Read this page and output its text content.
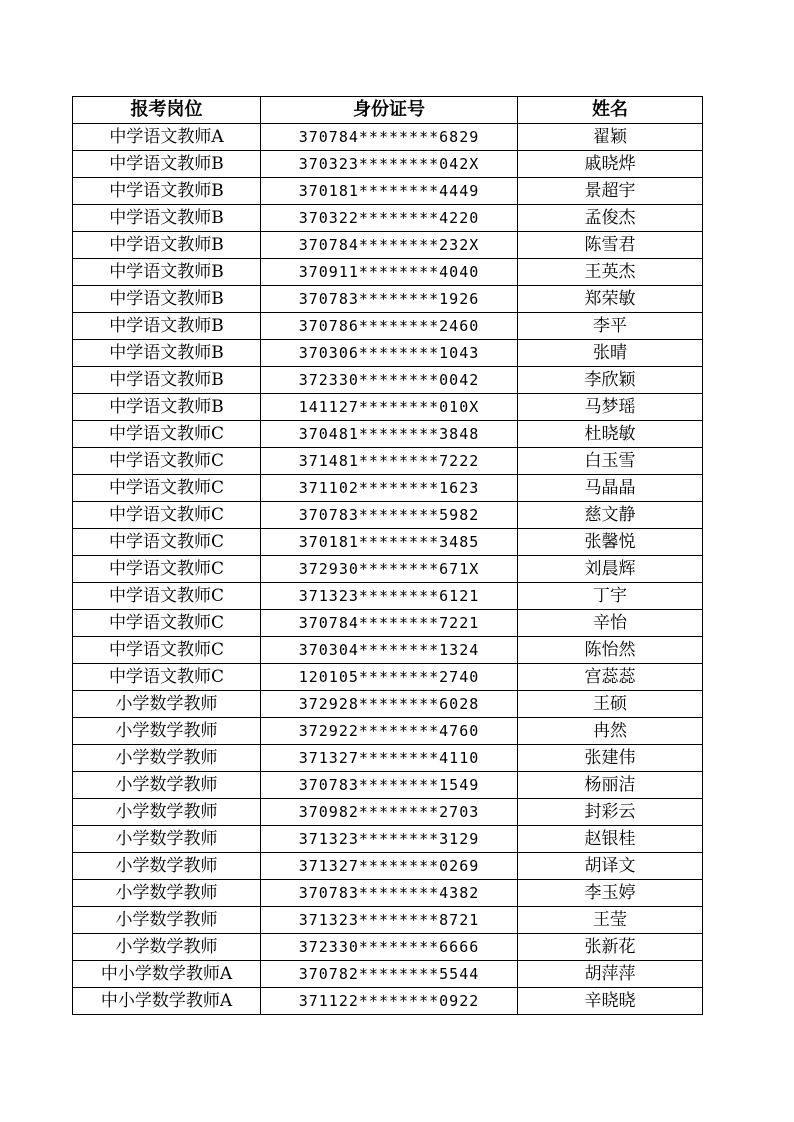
报考岗位	身份证号	姓名
中学语文教师A	370784********6829	翟颖
中学语文教师B	370323********042X	戚晓烨
中学语文教师B	370181********4449	景超宇
中学语文教师B	370322********4220	孟俊杰
中学语文教师B	370784********232X	陈雪君
中学语文教师B	370911********4040	王英杰
中学语文教师B	370783********1926	郑荣敏
中学语文教师B	370786********2460	李平
中学语文教师B	370306********1043	张晴
中学语文教师B	372330********0042	李欣颖
中学语文教师B	141127********010X	马梦瑶
中学语文教师C	370481********3848	杜晓敏
中学语文教师C	371481********7222	白玉雪
中学语文教师C	371102********1623	马晶晶
中学语文教师C	370783********5982	慈文静
中学语文教师C	370181********3485	张馨悦
中学语文教师C	372930********671X	刘晨辉
中学语文教师C	371323********6121	丁宇
中学语文教师C	370784********7221	辛怡
中学语文教师C	370304********1324	陈怡然
中学语文教师C	120105********2740	宫蕊蕊
小学数学教师	372928********6028	王硕
小学数学教师	372922********4760	冉然
小学数学教师	371327********4110	张建伟
小学数学教师	370783********1549	杨丽洁
小学数学教师	370982********2703	封彩云
小学数学教师	371323********3129	赵银桂
小学数学教师	371327********0269	胡译文
小学数学教师	370783********4382	李玉婷
小学数学教师	371323********8721	王莹
小学数学教师	372330********6666	张新花
中小学数学教师A	370782********5544	胡萍萍
中小学数学教师A	371122********0922	辛晓晓
